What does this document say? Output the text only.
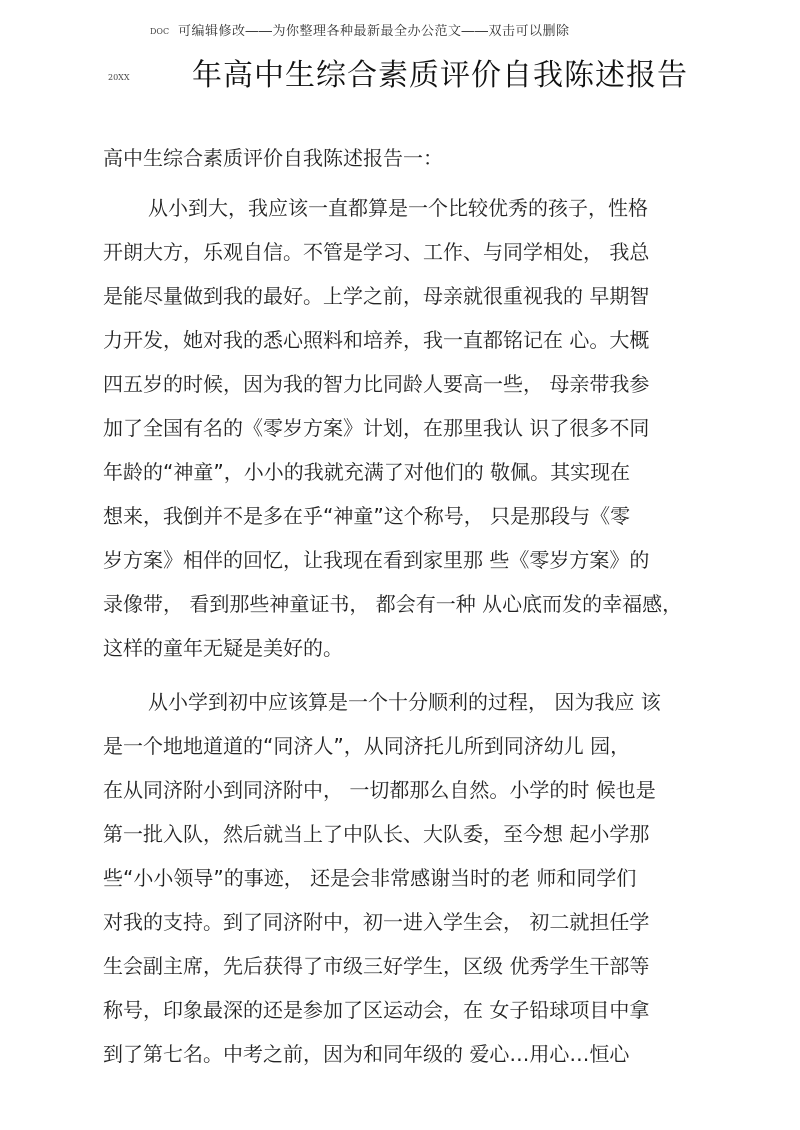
DOC 可编辑修改――为你整理各种最新最全办公范文――双击可以删除
20XX 年高中生综合素质评价自我陈述报告
高中生综合素质评价自我陈述报告一：
从小到大，我应该一直都算是一个比较优秀的孩子，性格
开朗大方，乐观自信。不管是学习、工作、与同学相处， 我总
是能尽量做到我的最好。上学之前，母亲就很重视我的 早期智
力开发，她对我的悉心照料和培养，我一直都铭记在 心。大概
四五岁的时候，因为我的智力比同龄人要高一些， 母亲带我参
加了全国有名的《零岁方案》计划，在那里我认 识了很多不同
年龄的“神童”，小小的我就充满了对他们的 敬佩。其实现在
想来，我倒并不是多在乎“神童”这个称号， 只是那段与《零
岁方案》相伴的回忆，让我现在看到家里那 些《零岁方案》的
录像带， 看到那些神童证书， 都会有一种 从心底而发的幸福感，
这样的童年无疑是美好的。
从小学到初中应该算是一个十分顺利的过程， 因为我应 该
是一个地地道道的“同济人”，从同济托儿所到同济幼儿 园，
在从同济附小到同济附中， 一切都那么自然。小学的时 候也是
第一批入队，然后就当上了中队长、大队委，至今想 起小学那
些“小小领导”的事迹， 还是会非常感谢当时的老 师和同学们
对我的支持。到了同济附中，初一进入学生会， 初二就担任学
生会副主席，先后获得了市级三好学生，区级 优秀学生干部等
称号，印象最深的还是参加了区运动会，在 女子铅球项目中拿
到了第七名。中考之前，因为和同年级的 爱心…用心…恒心
